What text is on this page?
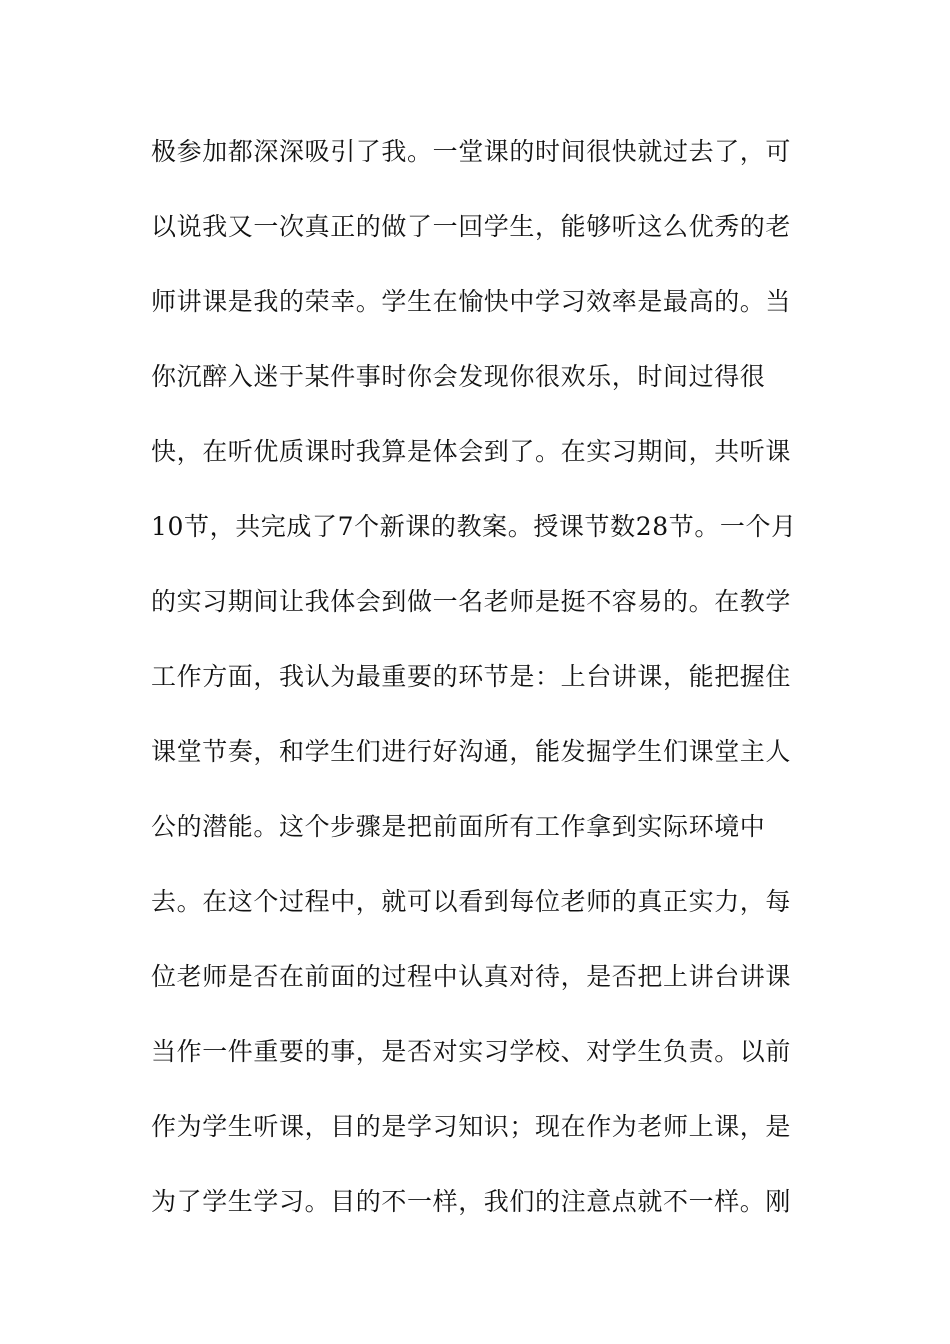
极参加都深深吸引了我。一堂课的时间很快就过去了，可
以说我又一次真正的做了一回学生，能够听这么优秀的老
师讲课是我的荣幸。学生在愉快中学习效率是最高的。当
你沉醉入迷于某件事时你会发现你很欢乐，时间过得很
快，在听优质课时我算是体会到了。在实习期间，共听课
10节，共完成了7个新课的教案。授课节数28节。一个月
的实习期间让我体会到做一名老师是挺不容易的。在教学
工作方面，我认为最重要的环节是：上台讲课，能把握住
课堂节奏，和学生们进行好沟通，能发掘学生们课堂主人
公的潜能。这个步骤是把前面所有工作拿到实际环境中
去。在这个过程中，就可以看到每位老师的真正实力，每
位老师是否在前面的过程中认真对待，是否把上讲台讲课
当作一件重要的事，是否对实习学校、对学生负责。以前
作为学生听课，目的是学习知识；现在作为老师上课，是
为了学生学习。目的不一样，我们的注意点就不一样。刚
